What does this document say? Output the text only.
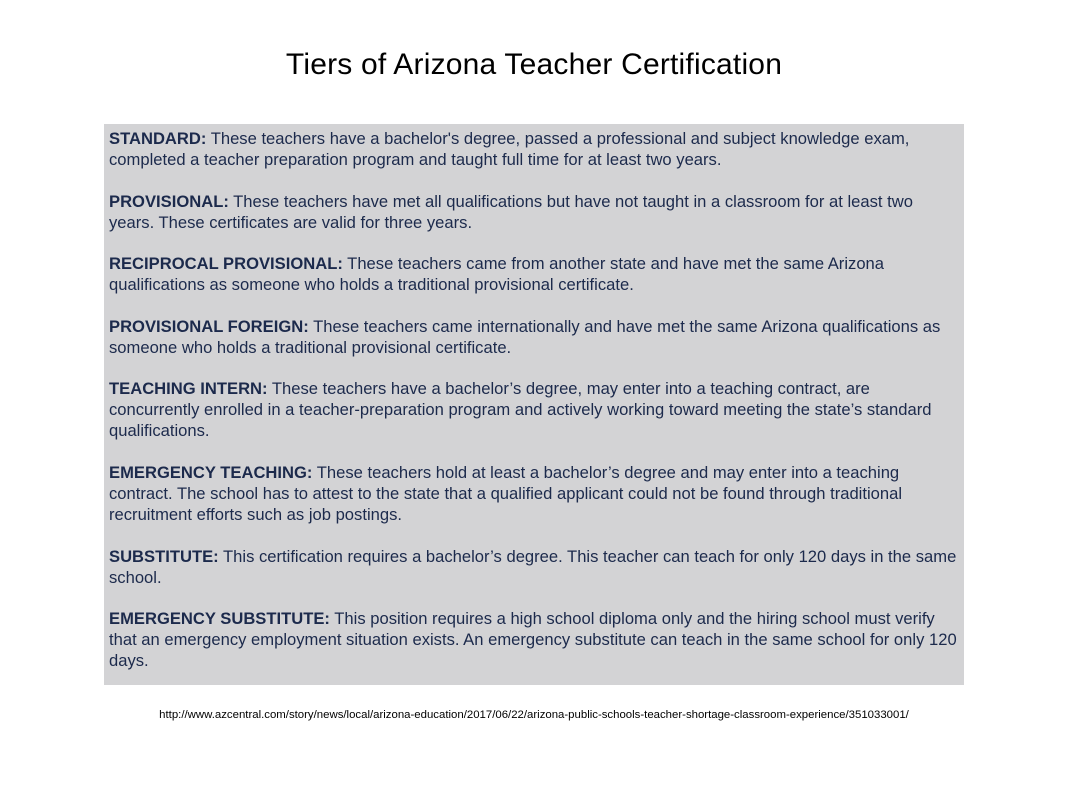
Tiers of Arizona Teacher Certification

STANDARD: These teachers have a bachelor's degree, passed a professional and subject knowledge exam, completed a teacher preparation program and taught full time for at least two years.

PROVISIONAL: These teachers have met all qualifications but have not taught in a classroom for at least two years. These certificates are valid for three years.

RECIPROCAL PROVISIONAL: These teachers came from another state and have met the same Arizona qualifications as someone who holds a traditional provisional certificate.

PROVISIONAL FOREIGN: These teachers came internationally and have met the same Arizona qualifications as someone who holds a traditional provisional certificate.

TEACHING INTERN: These teachers have a bachelor’s degree, may enter into a teaching contract, are concurrently enrolled in a teacher-preparation program and actively working toward meeting the state’s standard qualifications.

EMERGENCY TEACHING: These teachers hold at least a bachelor’s degree and may enter into a teaching contract. The school has to attest to the state that a qualified applicant could not be found through traditional recruitment efforts such as job postings.

SUBSTITUTE: This certification requires a bachelor’s degree. This teacher can teach for only 120 days in the same school.

EMERGENCY SUBSTITUTE: This position requires a high school diploma only and the hiring school must verify that an emergency employment situation exists. An emergency substitute can teach in the same school for only 120 days.

http://www.azcentral.com/story/news/local/arizona-education/2017/06/22/arizona-public-schools-teacher-shortage-classroom-experience/351033001/
